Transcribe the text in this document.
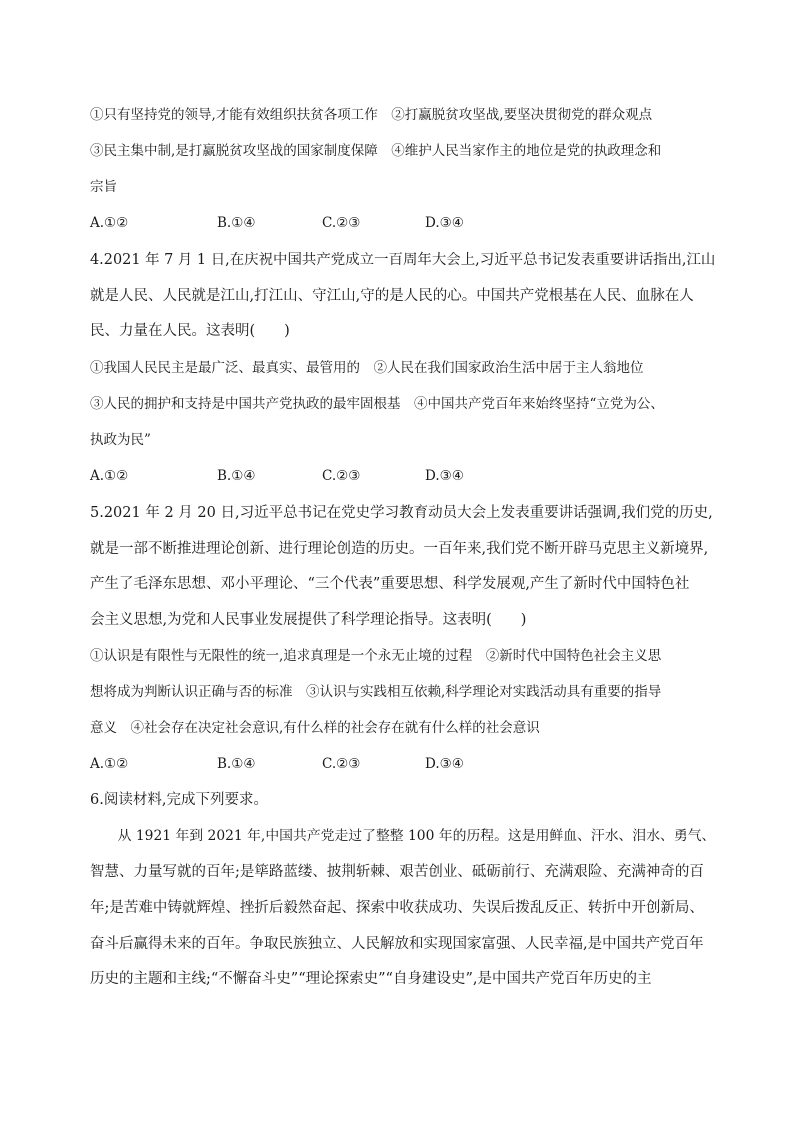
①只有坚持党的领导,才能有效组织扶贫各项工作　②打赢脱贫攻坚战,要坚决贯彻党的群众观点
③民主集中制,是打赢脱贫攻坚战的国家制度保障　④维护人民当家作主的地位是党的执政理念和
宗旨
A.①②	B.①④	C.②③	D.③④
4.2021 年 7 月 1 日,在庆祝中国共产党成立一百周年大会上,习近平总书记发表重要讲话指出,江山
就是人民、人民就是江山,打江山、守江山,守的是人民的心。中国共产党根基在人民、血脉在人
民、力量在人民。这表明(　　)
①我国人民民主是最广泛、最真实、最管用的　②人民在我们国家政治生活中居于主人翁地位
③人民的拥护和支持是中国共产党执政的最牢固根基　④中国共产党百年来始终坚持“立党为公、
执政为民”
A.①②	B.①④	C.②③	D.③④
5.2021 年 2 月 20 日,习近平总书记在党史学习教育动员大会上发表重要讲话强调,我们党的历史,
就是一部不断推进理论创新、进行理论创造的历史。一百年来,我们党不断开辟马克思主义新境界,
产生了毛泽东思想、邓小平理论、“三个代表”重要思想、科学发展观,产生了新时代中国特色社
会主义思想,为党和人民事业发展提供了科学理论指导。这表明(　　)
①认识是有限性与无限性的统一,追求真理是一个永无止境的过程　②新时代中国特色社会主义思
想将成为判断认识正确与否的标准　③认识与实践相互依赖,科学理论对实践活动具有重要的指导
意义　④社会存在决定社会意识,有什么样的社会存在就有什么样的社会意识
A.①②	B.①④	C.②③	D.③④
6.阅读材料,完成下列要求。
　　从 1921 年到 2021 年,中国共产党走过了整整 100 年的历程。这是用鲜血、汗水、泪水、勇气、
智慧、力量写就的百年;是筚路蓝缕、披荆斩棘、艰苦创业、砥砺前行、充满艰险、充满神奇的百
年;是苦难中铸就辉煌、挫折后毅然奋起、探索中收获成功、失误后拨乱反正、转折中开创新局、
奋斗后赢得未来的百年。争取民族独立、人民解放和实现国家富强、人民幸福,是中国共产党百年
历史的主题和主线;“不懈奋斗史”“理论探索史”“自身建设史”,是中国共产党百年历史的主
